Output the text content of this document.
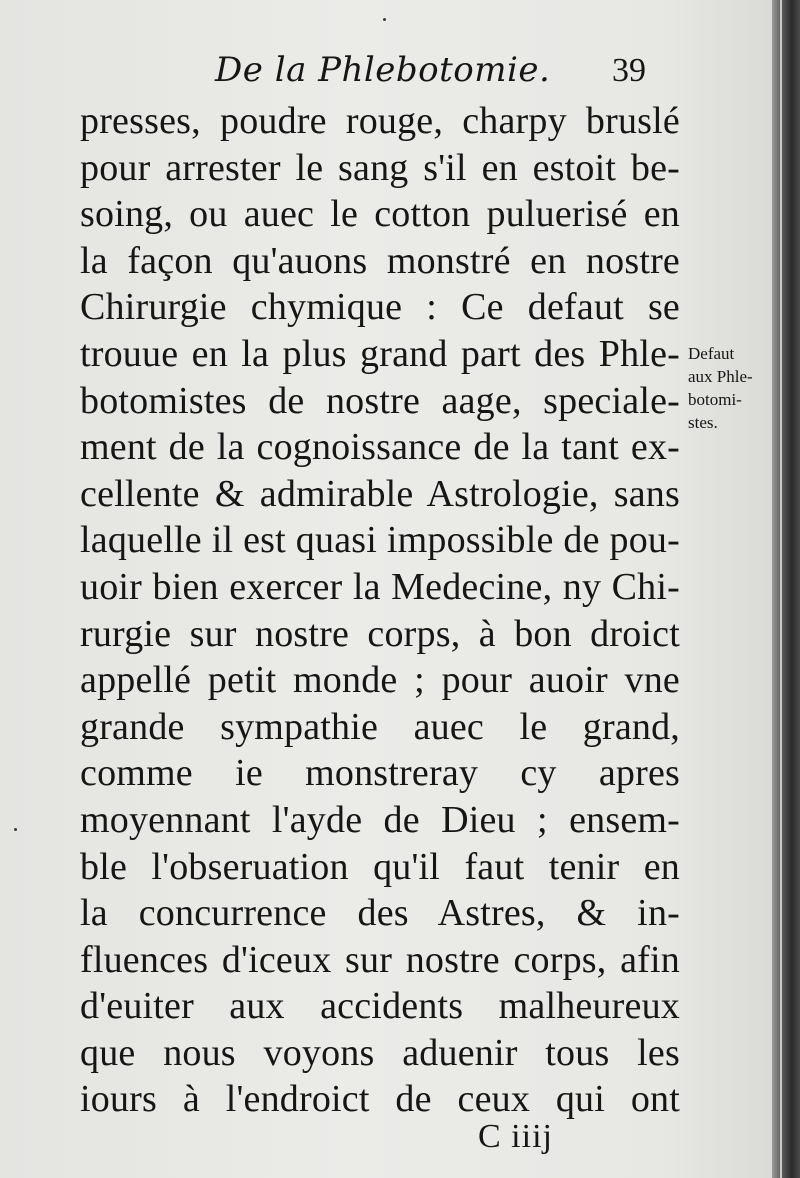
De la Phlebotomie. 39
presses, poudre rouge, charpy bruslé
pour arrester le sang s'il en estoit be-
soing, ou auec le cotton puluerisé en
la façon qu'auons monstré en nostre
Chirurgie chymique : Ce defaut se
trouue en la plus grand part des Phle-
botomistes de nostre aage, speciale-
ment de la cognoissance de la tant ex-
cellente & admirable Astrologie, sans
laquelle il est quasi impossible de pou-
uoir bien exercer la Medecine, ny Chi-
rurgie sur nostre corps, à bon droict
appellé petit monde ; pour auoir vne
grande sympathie auec le grand,
comme ie monstreray cy apres
moyennant l'ayde de Dieu ; ensem-
ble l'obseruation qu'il faut tenir en
la concurrence des Astres, & in-
fluences d'iceux sur nostre corps, afin
d'euiter aux accidents malheureux
que nous voyons aduenir tous les
iours à l'endroict de ceux qui ont
Defaut
aux Phle-
botomi-
stes.
C iiij
